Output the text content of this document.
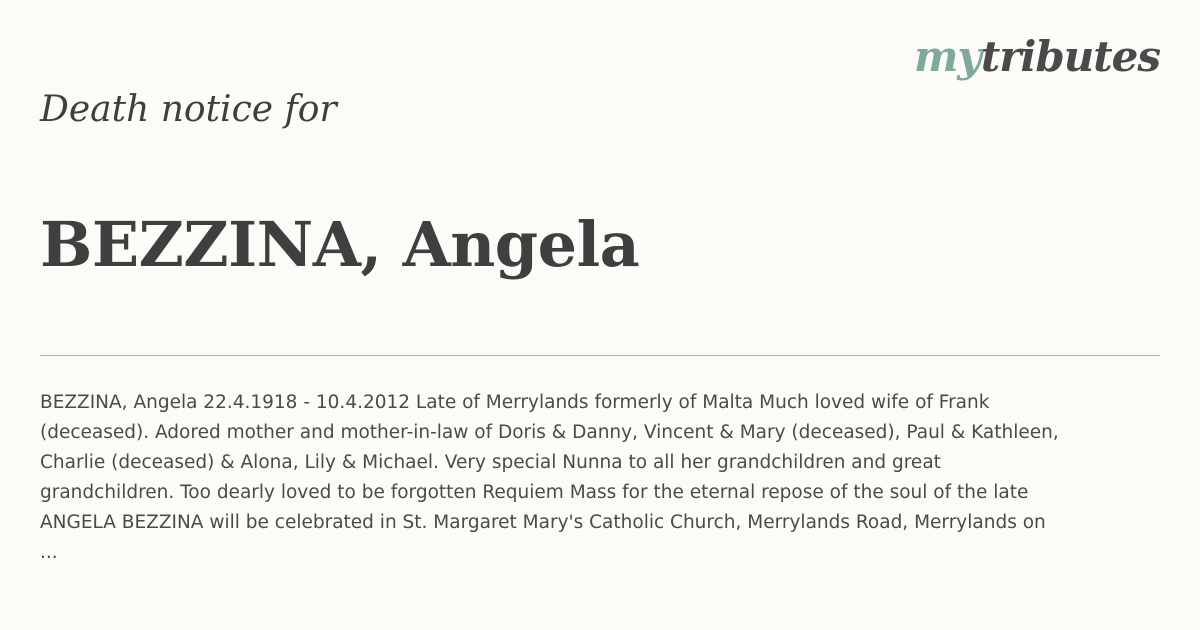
mytributes
Death notice for
BEZZINA, Angela

BEZZINA, Angela 22.4.1918 - 10.4.2012 Late of Merrylands formerly of Malta Much loved wife of Frank
(deceased). Adored mother and mother-in-law of Doris & Danny, Vincent & Mary (deceased), Paul & Kathleen,
Charlie (deceased) & Alona, Lily & Michael. Very special Nunna to all her grandchildren and great
grandchildren. Too dearly loved to be forgotten Requiem Mass for the eternal repose of the soul of the late
ANGELA BEZZINA will be celebrated in St. Margaret Mary's Catholic Church, Merrylands Road, Merrylands on
...
